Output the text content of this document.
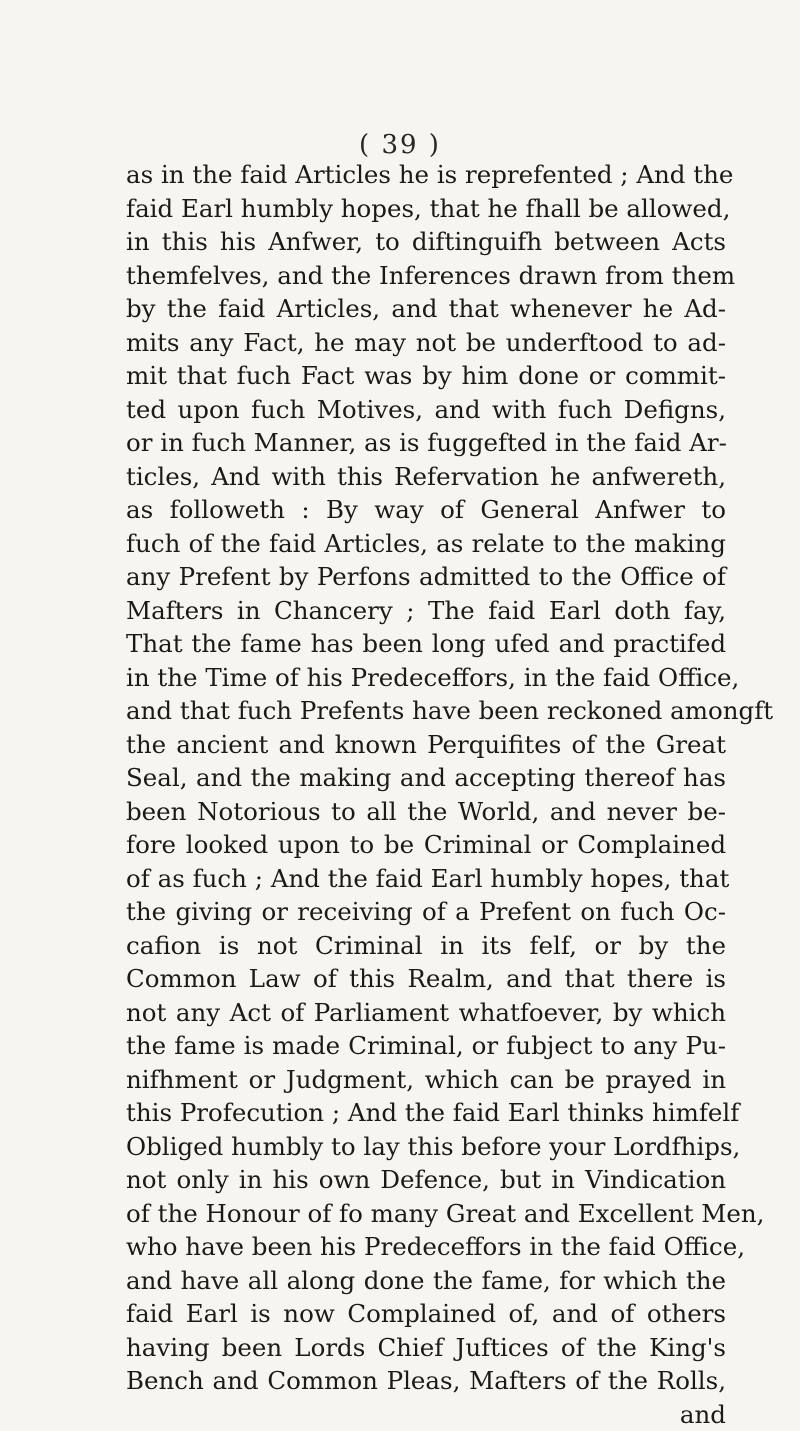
( 39 )
as in the faid Articles he is reprefented ; And the
faid Earl humbly hopes, that he fhall be allowed,
in this his Anfwer, to diftinguifh between Acts
themfelves, and the Inferences drawn from them
by the faid Articles, and that whenever he Ad-
mits any Fact, he may not be underftood to ad-
mit that fuch Fact was by him done or commit-
ted upon fuch Motives, and with fuch Defigns,
or in fuch Manner, as is fuggefted in the faid Ar-
ticles, And with this Refervation he anfwereth,
as followeth : By way of General Anfwer to
fuch of the faid Articles, as relate to the making
any Prefent by Perfons admitted to the Office of
Mafters in Chancery ; The faid Earl doth fay,
That the fame has been long ufed and practifed
in the Time of his Predeceffors, in the faid Office,
and that fuch Prefents have been reckoned amongft
the ancient and known Perquifites of the Great
Seal, and the making and accepting thereof has
been Notorious to all the World, and never be-
fore looked upon to be Criminal or Complained
of as fuch ; And the faid Earl humbly hopes, that
the giving or receiving of a Prefent on fuch Oc-
cafion is not Criminal in its felf, or by the
Common Law of this Realm, and that there is
not any Act of Parliament whatfoever, by which
the fame is made Criminal, or fubject to any Pu-
nifhment or Judgment, which can be prayed in
this Profecution ; And the faid Earl thinks himfelf
Obliged humbly to lay this before your Lordfhips,
not only in his own Defence, but in Vindication
of the Honour of fo many Great and Excellent Men,
who have been his Predeceffors in the faid Office,
and have all along done the fame, for which the
faid Earl is now Complained of, and of others
having been Lords Chief Juftices of the King's
Bench and Common Pleas, Mafters of the Rolls,
and
